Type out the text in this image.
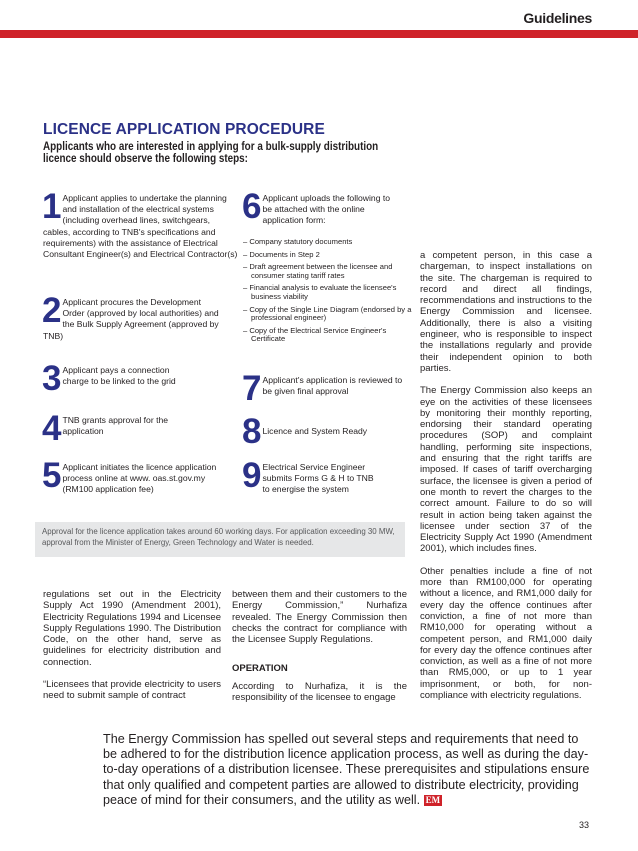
Guidelines
LICENCE APPLICATION PROCEDURE
Applicants who are interested in applying for a bulk-supply distribution licence should observe the following steps:
1 Applicant applies to undertake the planning and installation of the electrical systems (including overhead lines, switchgears, cables, according to TNB's specifications and requirements) with the assistance of Electrical Consultant Engineer(s) and Electrical Contractor(s)
2 Applicant procures the Development Order (approved by local authorities) and the Bulk Supply Agreement (approved by TNB)
3 Applicant pays a connection charge to be linked to the grid
4 TNB grants approval for the application
5 Applicant initiates the licence application process online at www. oas.st.gov.my (RM100 application fee)
6 Applicant uploads the following to be attached with the online application form:
– Company statutory documents
– Documents in Step 2
– Draft agreement between the licensee and consumer stating tariff rates
– Financial analysis to evaluate the licensee's business viability
– Copy of the Single Line Diagram (endorsed by a professional engineer)
– Copy of the Electrical Service Engineer's Certificate
7 Applicant's application is reviewed to be given final approval
8 Licence and System Ready
9 Electrical Service Engineer submits Forms G & H to TNB to energise the system
Approval for the licence application takes around 60 working days. For application exceeding 30 MW, approval from the Minister of Energy, Green Technology and Water is needed.

regulations set out in the Electricity Supply Act 1990 (Amendment 2001), Electricity Regulations 1994 and Licensee Supply Regulations 1990. The Distribution Code, on the other hand, serve as guidelines for electricity distribution and connection.

“Licensees that provide electricity to users need to submit sample of contract

between them and their customers to the Energy Commission,” Nurhafiza revealed. The Energy Commission then checks the contract for compliance with the Licensee Supply Regulations.

OPERATION

According to Nurhafiza, it is the responsibility of the licensee to engage

a competent person, in this case a chargeman, to inspect installations on the site. The chargeman is required to record and direct all findings, recommendations and instructions to the Energy Commission and licensee. Additionally, there is also a visiting engineer, who is responsible to inspect the installations regularly and provide their independent opinion to both parties.

The Energy Commission also keeps an eye on the activities of these licensees by monitoring their monthly reporting, endorsing their standard operating procedures (SOP) and complaint handling, performing site inspections, and ensuring that the right tariffs are imposed. If cases of tariff overcharging surface, the licensee is given a period of one month to revert the charges to the correct amount. Failure to do so will result in action being taken against the licensee under section 37 of the Electricity Supply Act 1990 (Amendment 2001), which includes fines.

Other penalties include a fine of not more than RM100,000 for operating without a licence, and RM1,000 daily for every day the offence continues after conviction, a fine of not more than RM10,000 for operating without a competent person, and RM1,000 daily for every day the offence continues after conviction, as well as a fine of not more than RM5,000, or up to 1 year imprisonment, or both, for non-compliance with electricity regulations.

The Energy Commission has spelled out several steps and requirements that need to be adhered to for the distribution licence application process, as well as during the day-to-day operations of a distribution licensee. These prerequisites and stipulations ensure that only qualified and competent parties are allowed to distribute electricity, providing peace of mind for their consumers, and the utility as well. EM
33
